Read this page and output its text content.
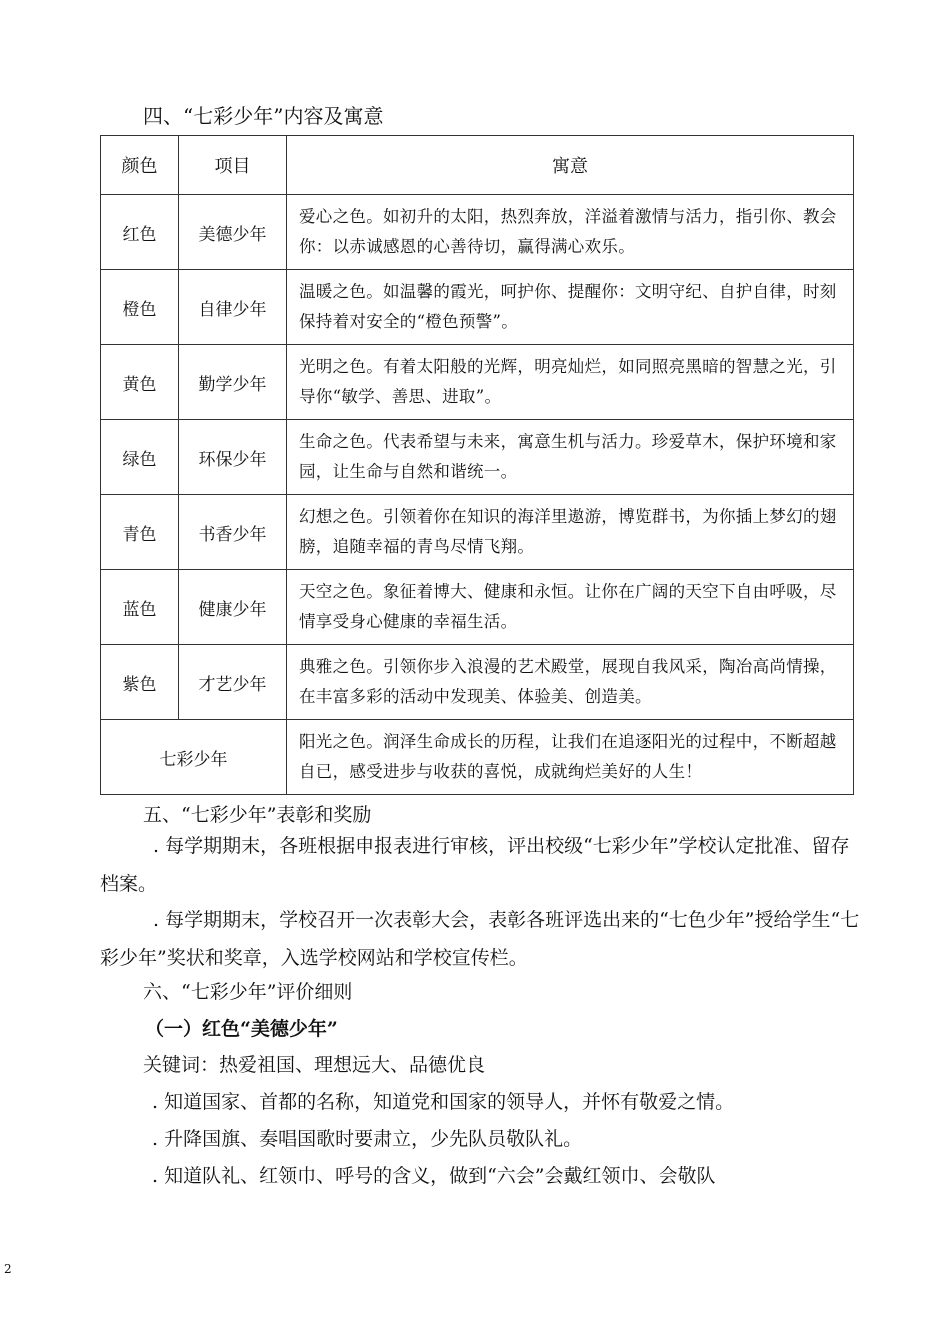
四、“七彩少年”内容及寓意
颜色	项目	寓意
红色	美德少年	爱心之色。如初升的太阳，热烈奔放，洋溢着激情与活力，指引你、教会你：以赤诚感恩的心善待切，赢得满心欢乐。
橙色	自律少年	温暖之色。如温馨的霞光，呵护你、提醒你：文明守纪、自护自律，时刻保持着对安全的“橙色预警”。
黄色	勤学少年	光明之色。有着太阳般的光辉，明亮灿烂，如同照亮黑暗的智慧之光，引导你“敏学、善思、进取”。
绿色	环保少年	生命之色。代表希望与未来，寓意生机与活力。珍爱草木，保护环境和家园，让生命与自然和谐统一。
青色	书香少年	幻想之色。引领着你在知识的海洋里遨游，博览群书，为你插上梦幻的翅膀，追随幸福的青鸟尽情飞翔。
蓝色	健康少年	天空之色。象征着博大、健康和永恒。让你在广阔的天空下自由呼吸，尽情享受身心健康的幸福生活。
紫色	才艺少年	典雅之色。引领你步入浪漫的艺术殿堂，展现自我风采，陶冶高尚情操，在丰富多彩的活动中发现美、体验美、创造美。
七彩少年		阳光之色。润泽生命成长的历程，让我们在追逐阳光的过程中，不断超越自已，感受进步与收获的喜悦，成就绚烂美好的人生！
五、“七彩少年”表彰和奖励
. 每学期期末，各班根据申报表进行审核，评出校级“七彩少年”学校认定批准、留存档案。
. 每学期期末，学校召开一次表彰大会，表彰各班评选出来的“七色少年”授给学生“七彩少年”奖状和奖章，入选学校网站和学校宣传栏。
六、“七彩少年”评价细则
（一）红色“美德少年”
关键词：热爱祖国、理想远大、品德优良
. 知道国家、首都的名称，知道党和国家的领导人，并怀有敬爱之情。
. 升降国旗、奏唱国歌时要肃立，少先队员敬队礼。
. 知道队礼、红领巾、呼号的含义，做到“六会”会戴红领巾、会敬队
2
